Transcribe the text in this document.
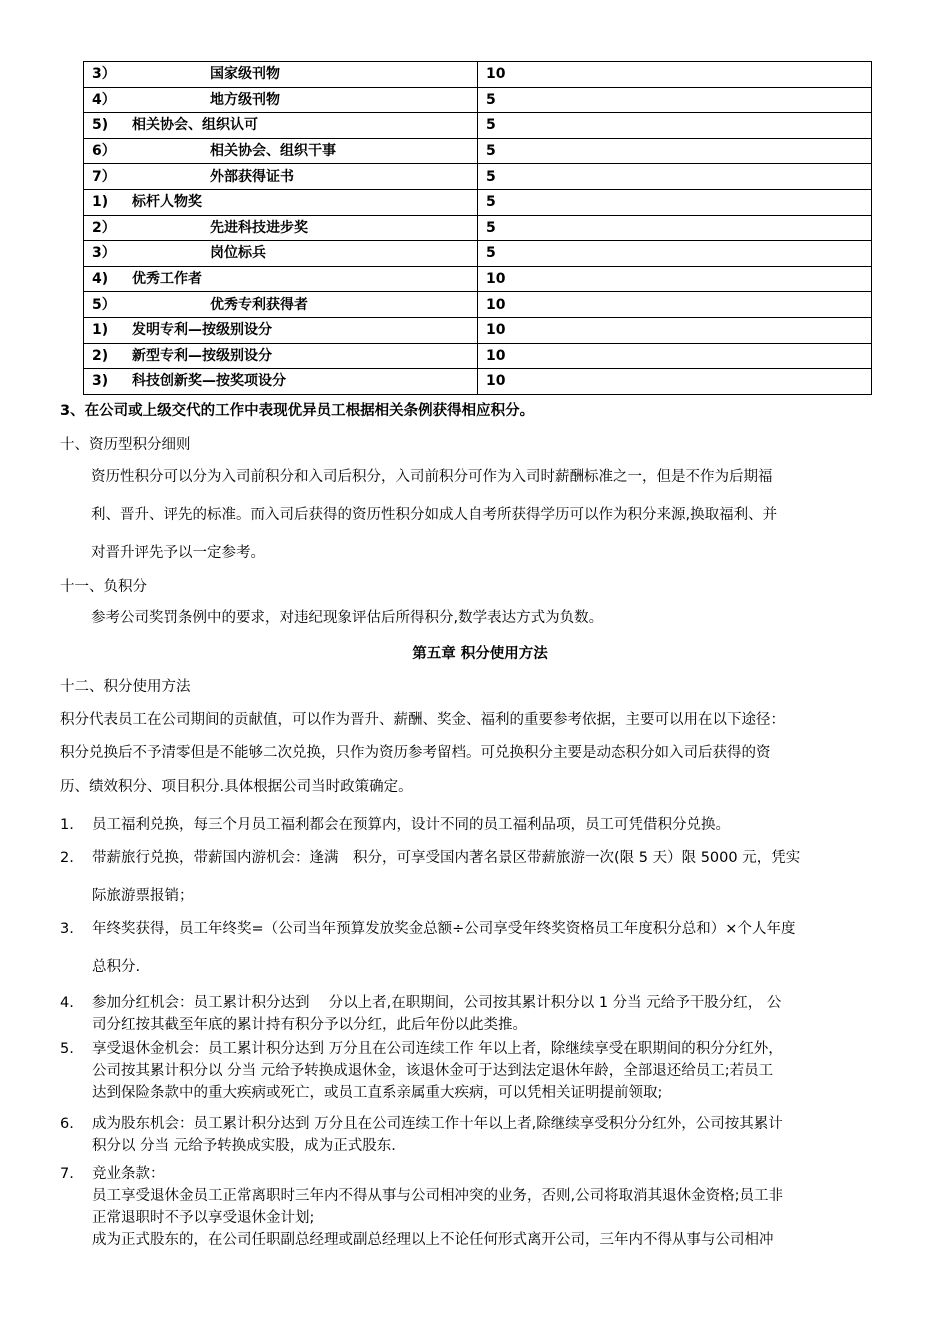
3） 国家级刊物	10
4） 地方级刊物	5
5) 相关协会、组织认可	5
6） 相关协会、组织干事	5
7） 外部获得证书	5
1) 标杆人物奖	5
2） 先进科技进步奖	5
3） 岗位标兵	5
4) 优秀工作者	10
5） 优秀专利获得者	10
1) 发明专利—按级别设分	10
2) 新型专利—按级别设分	10
3) 科技创新奖—按奖项设分	10
3、在公司或上级交代的工作中表现优异员工根据相关条例获得相应积分。
十、资历型积分细则
资历性积分可以分为入司前积分和入司后积分，入司前积分可作为入司时薪酬标准之一，但是不作为后期福
利、晋升、评先的标准。而入司后获得的资历性积分如成人自考所获得学历可以作为积分来源,换取福利、并
对晋升评先予以一定参考。
十一、负积分
参考公司奖罚条例中的要求，对违纪现象评估后所得积分,数学表达方式为负数。
第五章 积分使用方法
十二、积分使用方法
积分代表员工在公司期间的贡献值，可以作为晋升、薪酬、奖金、福利的重要参考依据，主要可以用在以下途径：
积分兑换后不予清零但是不能够二次兑换，只作为资历参考留档。可兑换积分主要是动态积分如入司后获得的资
历、绩效积分、项目积分.具体根据公司当时政策确定。
1. 员工福利兑换，每三个月员工福利都会在预算内，设计不同的员工福利品项，员工可凭借积分兑换。
2. 带薪旅行兑换，带薪国内游机会：逢满　积分，可享受国内著名景区带薪旅游一次(限 5 天）限 5000 元，凭实
际旅游票报销；
3. 年终奖获得，员工年终奖=（公司当年预算发放奖金总额÷公司享受年终奖资格员工年度积分总和）×个人年度
总积分.
4. 参加分红机会：员工累计积分达到　 分以上者,在职期间，公司按其累计积分以 1 分当 元给予干股分红， 公
司分红按其截至年底的累计持有积分予以分红，此后年份以此类推。
5. 享受退休金机会：员工累计积分达到 万分且在公司连续工作 年以上者，除继续享受在职期间的积分分红外，
公司按其累计积分以 分当 元给予转换成退休金，该退休金可于达到法定退休年龄，全部退还给员工;若员工
达到保险条款中的重大疾病或死亡，或员工直系亲属重大疾病，可以凭相关证明提前领取;
6. 成为股东机会：员工累计积分达到 万分且在公司连续工作十年以上者,除继续享受积分分红外，公司按其累计
积分以 分当 元给予转换成实股，成为正式股东.
7. 竞业条款：
员工享受退休金员工正常离职时三年内不得从事与公司相冲突的业务，否则,公司将取消其退休金资格;员工非
正常退职时不予以享受退休金计划;
成为正式股东的，在公司任职副总经理或副总经理以上不论任何形式离开公司，三年内不得从事与公司相冲
